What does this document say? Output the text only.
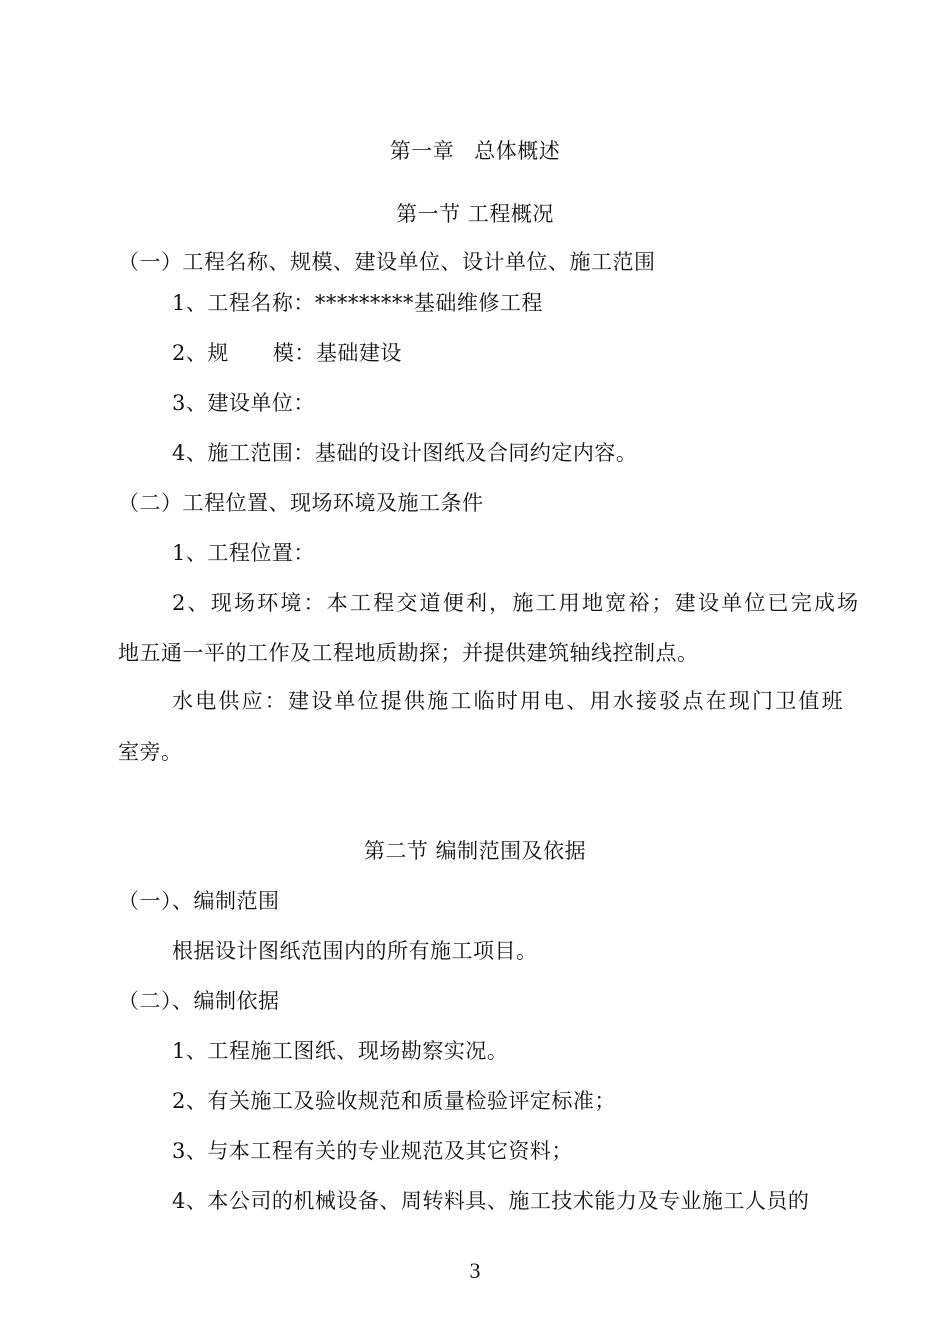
第一章 总体概述
第一节 工程概况
（一）工程名称、规模、建设单位、设计单位、施工范围
1、工程名称：*********基础维修工程
2、规 模：基础建设
3、建设单位：
4、施工范围：基础的设计图纸及合同约定内容。
（二）工程位置、现场环境及施工条件
1、工程位置：
2、现场环境：本工程交道便利，施工用地宽裕；建设单位已完成场
地五通一平的工作及工程地质勘探；并提供建筑轴线控制点。
水电供应：建设单位提供施工临时用电、用水接驳点在现门卫值班
室旁。
第二节 编制范围及依据
（一）、编制范围
根据设计图纸范围内的所有施工项目。
（二）、编制依据
1、工程施工图纸、现场勘察实况。
2、有关施工及验收规范和质量检验评定标准；
3、与本工程有关的专业规范及其它资料；
4、本公司的机械设备、周转料具、施工技术能力及专业施工人员的
3
